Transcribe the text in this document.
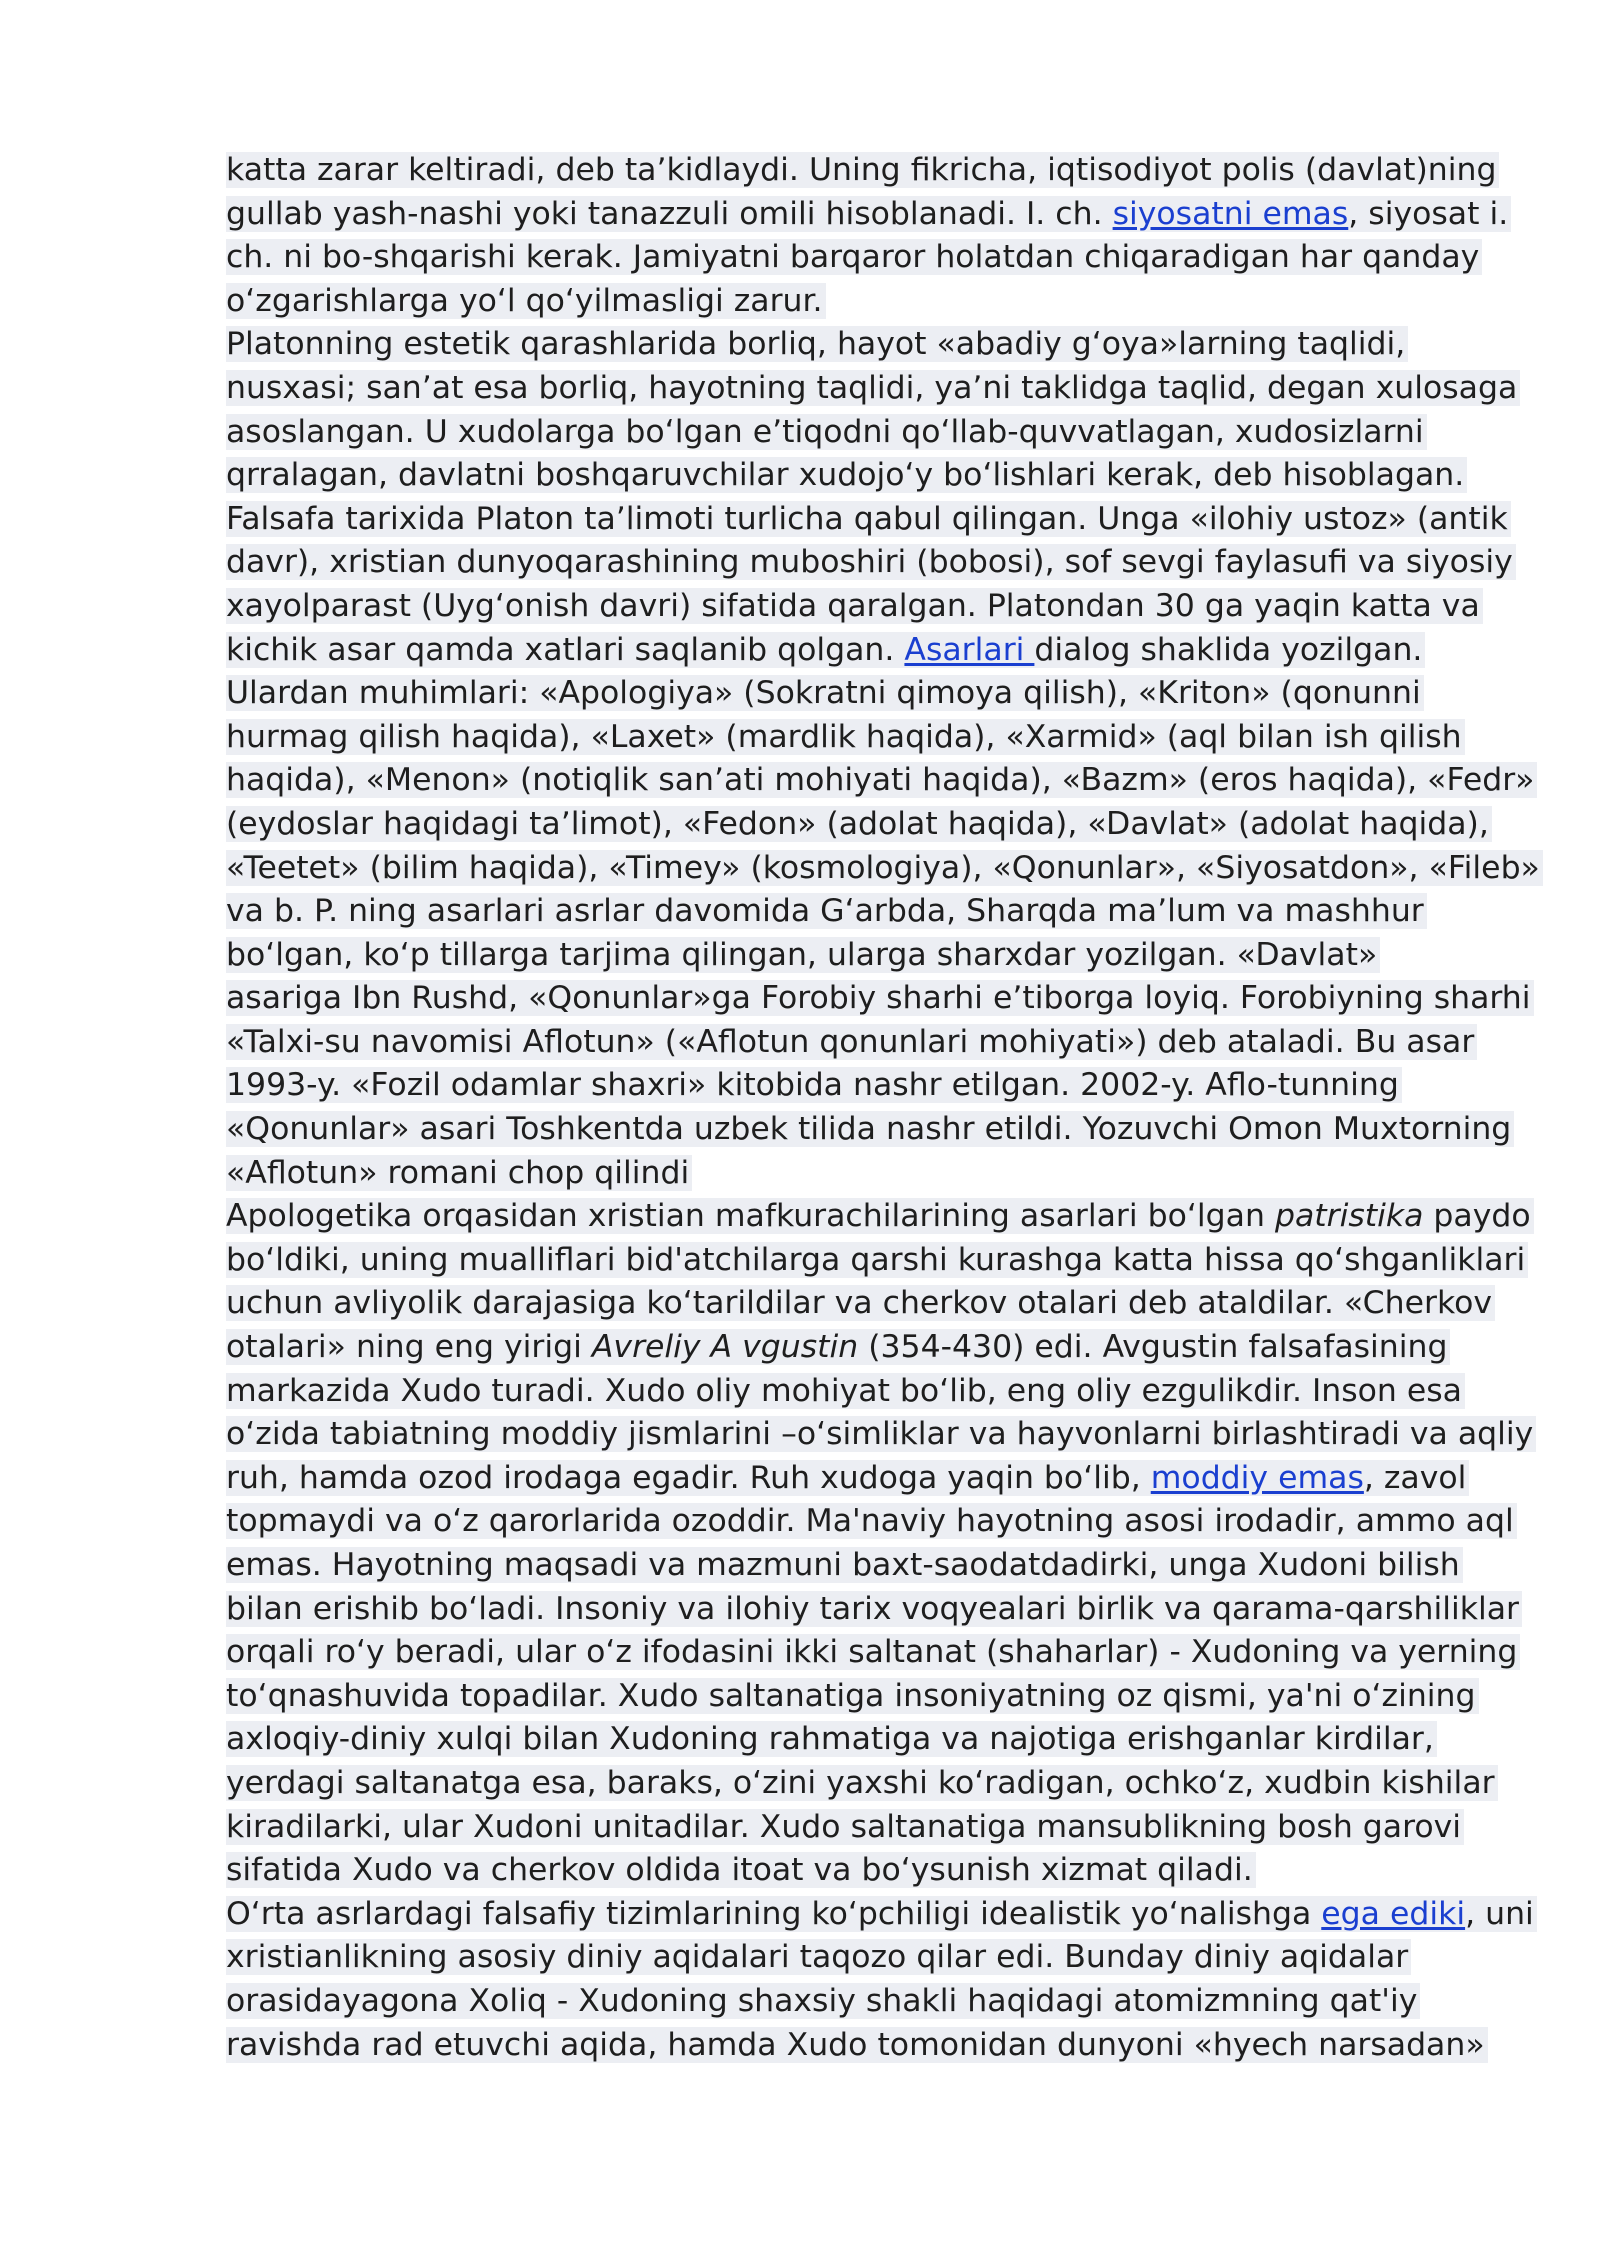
katta zarar keltiradi, deb ta’kidlaydi. Uning fikricha, iqtisodiyot polis (davlat)ning
gullab yash-nashi yoki tanazzuli omili hisoblanadi. I. ch. siyosatni emas, siyosat i.
ch. ni bo-shqarishi kerak. Jamiyatni barqaror holatdan chiqaradigan har qanday
o‘zgarishlarga yo‘l qo‘yilmasligi zarur.
Platonning estetik qarashlarida borliq, hayot «abadiy g‘oya»larning taqlidi,
nusxasi; san’at esa borliq, hayotning taqlidi, ya’ni taklidga taqlid, degan xulosaga
asoslangan. U xudolarga bo‘lgan e’tiqodni qo‘llab-quvvatlagan, xudosizlarni
qrralagan, davlatni boshqaruvchilar xudojo‘y bo‘lishlari kerak, deb hisoblagan.
Falsafa tarixida Platon ta’limoti turlicha qabul qilingan. Unga «ilohiy ustoz» (antik
davr), xristian dunyoqarashining muboshiri (bobosi), sof sevgi faylasufi va siyosiy
xayolparast (Uyg‘onish davri) sifatida qaralgan. Platondan 30 ga yaqin katta va
kichik asar qamda xatlari saqlanib qolgan. Asarlari dialog shaklida yozilgan.
Ulardan muhimlari: «Apologiya» (Sokratni qimoya qilish), «Kriton» (qonunni
hurmag qilish haqida), «Laxet» (mardlik haqida), «Xarmid» (aql bilan ish qilish
haqida), «Menon» (notiqlik san’ati mohiyati haqida), «Bazm» (eros haqida), «Fedr»
(eydoslar haqidagi ta’limot), «Fedon» (adolat haqida), «Davlat» (adolat haqida),
«Teetet» (bilim haqida), «Timey» (kosmologiya), «Qonunlar», «Siyosatdon», «Fileb»
va b. P. ning asarlari asrlar davomida G‘arbda, Sharqda ma’lum va mashhur
bo‘lgan, ko‘p tillarga tarjima qilingan, ularga sharxdar yozilgan. «Davlat»
asariga Ibn Rushd, «Qonunlar»ga Forobiy sharhi e’tiborga loyiq. Forobiyning sharhi
«Talxi-su navomisi Aflotun» («Aflotun qonunlari mohiyati») deb ataladi. Bu asar
1993-y. «Fozil odamlar shaxri» kitobida nashr etilgan. 2002-y. Aflo-tunning
«Qonunlar» asari Toshkentda uzbek tilida nashr etildi. Yozuvchi Omon Muxtorning
«Aflotun» romani chop qilindi
Apologetika orqasidan xristian mafkurachilarining asarlari bo‘lgan patristika paydo
bo‘ldiki, uning mualliflari bid'atchilarga qarshi kurashga katta hissa qo‘shganliklari
uchun avliyolik darajasiga ko‘tarildilar va cherkov otalari deb ataldilar. «Cherkov
otalari» ning eng yirigi Avreliy A vgustin (354-430) edi. Avgustin falsafasining
markazida Xudo turadi. Xudo oliy mohiyat bo‘lib, eng oliy ezgulikdir. Inson esa
o‘zida tabiatning moddiy jismlarini –o‘simliklar va hayvonlarni birlashtiradi va aqliy
ruh, hamda ozod irodaga egadir. Ruh xudoga yaqin bo‘lib, moddiy emas, zavol
topmaydi va o‘z qarorlarida ozoddir. Ma'naviy hayotning asosi irodadir, ammo aql
emas. Hayotning maqsadi va mazmuni baxt-saodatdadirki, unga Xudoni bilish
bilan erishib bo‘ladi. Insoniy va ilohiy tarix voqyealari birlik va qarama-qarshiliklar
orqali ro‘y beradi, ular o‘z ifodasini ikki saltanat (shaharlar) - Xudoning va yerning
to‘qnashuvida topadilar. Xudo saltanatiga insoniyatning oz qismi, ya'ni o‘zining
axloqiy-diniy xulqi bilan Xudoning rahmatiga va najotiga erishganlar kirdilar,
yerdagi saltanatga esa, baraks, o‘zini yaxshi ko‘radigan, ochko‘z, xudbin kishilar
kiradilarki, ular Xudoni unitadilar. Xudo saltanatiga mansublikning bosh garovi
sifatida Xudo va cherkov oldida itoat va bo‘ysunish xizmat qiladi.
O‘rta asrlardagi falsafiy tizimlarining ko‘pchiligi idealistik yo‘nalishga ega ediki, uni
xristianlikning asosiy diniy aqidalari taqozo qilar edi. Bunday diniy aqidalar
orasidayagona Xoliq - Xudoning shaxsiy shakli haqidagi atomizmning qat'iy
ravishda rad etuvchi aqida, hamda Xudo tomonidan dunyoni «hyech narsadan»
